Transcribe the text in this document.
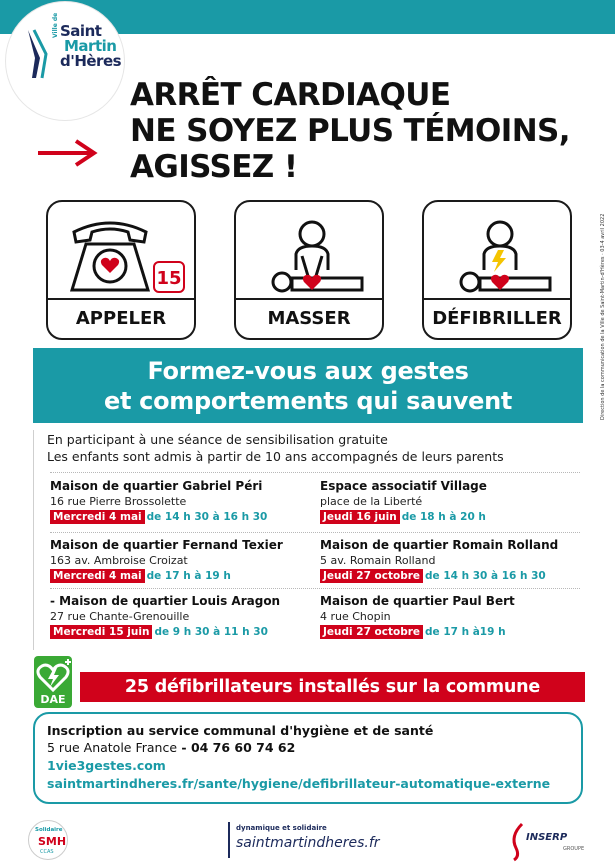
Ville de Saint
Martin
d'Hères
ARRÊT CARDIAQUE
NE SOYEZ PLUS TÉMOINS,
AGISSEZ !
15
APPELER	MASSER	DÉFIBRILLER
Formez-vous aux gestes
et comportements qui sauvent
En participant à une séance de sensibilisation gratuite
Les enfants sont admis à partir de 10 ans accompagnés de leurs parents
Maison de quartier Gabriel Péri
16 rue Pierre Brossolette
Mercredi 4 mai de 14 h 30 à 16 h 30
Espace associatif Village
place de la Liberté
Jeudi 16 juin de 18 h à 20 h
Maison de quartier Fernand Texier
163 av. Ambroise Croizat
Mercredi 4 mai de 17 h à 19 h
Maison de quartier Romain Rolland
5 av. Romain Rolland
Jeudi 27 octobre de 14 h 30 à 16 h 30
- Maison de quartier Louis Aragon
27 rue Chante-Grenouille
Mercredi 15 juin de 9 h 30 à 11 h 30
Maison de quartier Paul Bert
4 rue Chopin
Jeudi 27 octobre de 17 h à19 h
DAE
25 défibrillateurs installés sur la commune
Inscription au service communal d'hygiène et de santé
5 rue Anatole France - 04 76 60 74 62
1vie3gestes.com
saintmartindheres.fr/sante/hygiene/defibrillateur-automatique-externe
Direction de la communication de la Ville de Saint-Martin-d'Hères · 03-4 avril 2022
Solidaire
SMH
CCAS
dynamique et solidaire
saintmartindheres.fr	INSERP
GROUPE
